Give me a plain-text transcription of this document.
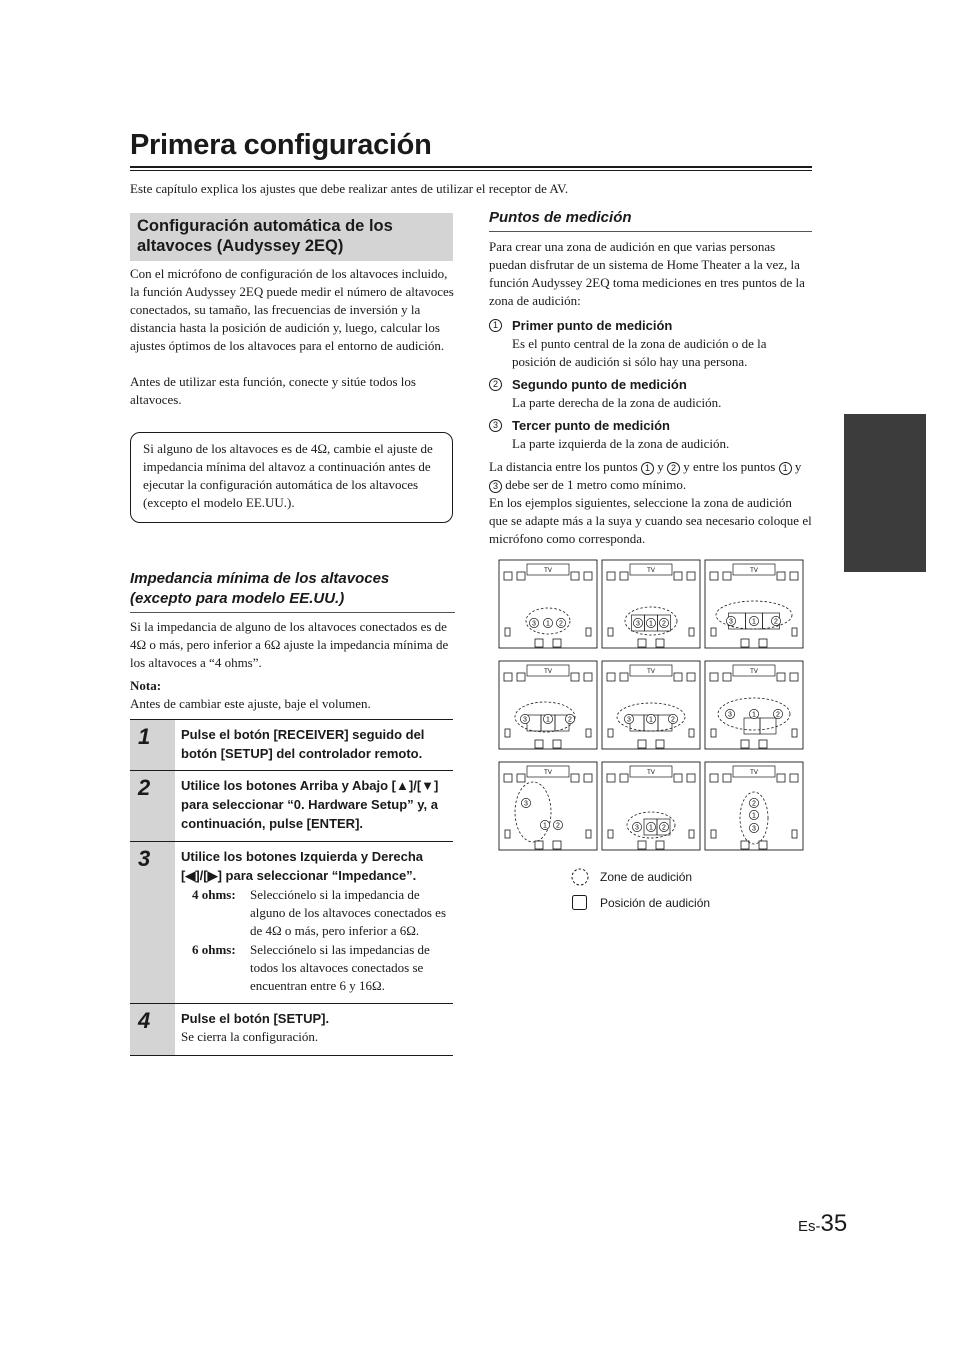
Primera configuración
Este capítulo explica los ajustes que debe realizar antes de utilizar el receptor de AV.
Configuración automática de los altavoces (Audyssey 2EQ)
Con el micrófono de configuración de los altavoces incluido, la función Audyssey 2EQ puede medir el número de altavoces conectados, su tamaño, las frecuencias de inversión y la distancia hasta la posición de audición y, luego, calcular los ajustes óptimos de los altavoces para el entorno de audición.
Antes de utilizar esta función, conecte y sitúe todos los altavoces.
Si alguno de los altavoces es de 4Ω, cambie el ajuste de impedancia mínima del altavoz a continuación antes de ejecutar la configuración automática de los altavoces (excepto el modelo EE.UU.).
Impedancia mínima de los altavoces (excepto para modelo EE.UU.)
Si la impedancia de alguno de los altavoces conectados es de 4Ω o más, pero inferior a 6Ω ajuste la impedancia mínima de los altavoces a “4 ohms”.
Nota:
Antes de cambiar este ajuste, baje el volumen.
1	Pulse el botón [RECEIVER] seguido del botón [SETUP] del controlador remoto.
2	Utilice los botones Arriba y Abajo [▲]/[▼] para seleccionar “0. Hardware Setup” y, a continuación, pulse [ENTER].
3	Utilice los botones Izquierda y Derecha [◀]/[▶] para seleccionar “Impedance”.
4 ohms:	Selecciónelo si la impedancia de alguno de los altavoces conectados es de 4Ω o más, pero inferior a 6Ω.
6 ohms:	Selecciónelo si las impedancias de todos los altavoces conectados se encuentran entre 6 y 16Ω.
4	Pulse el botón [SETUP].
Se cierra la configuración.
Puntos de medición
Para crear una zona de audición en que varias personas puedan disfrutar de un sistema de Home Theater a la vez, la función Audyssey 2EQ toma mediciones en tres puntos de la zona de audición:
1	Primer punto de medición
Es el punto central de la zona de audición o de la posición de audición si sólo hay una persona.
2	Segundo punto de medición
La parte derecha de la zona de audición.
3	Tercer punto de medición
La parte izquierda de la zona de audición.
La distancia entre los puntos 1 y 2 y entre los puntos 1 y 3 debe ser de 1 metro como mínimo.
En los ejemplos siguientes, seleccione la zona de audición que se adapte más a la suya y cuando sea necesario coloque el micrófono como corresponda.
TV
3 1 2
TV
3 1 2
TV
3	1	2
TV
3	1	2
TV
3	1	2
TV
3	1	2
TV
3
1 2
TV
3 1 2
TV
2
1
3
Zone de audición
Posición de audición
Es-35
